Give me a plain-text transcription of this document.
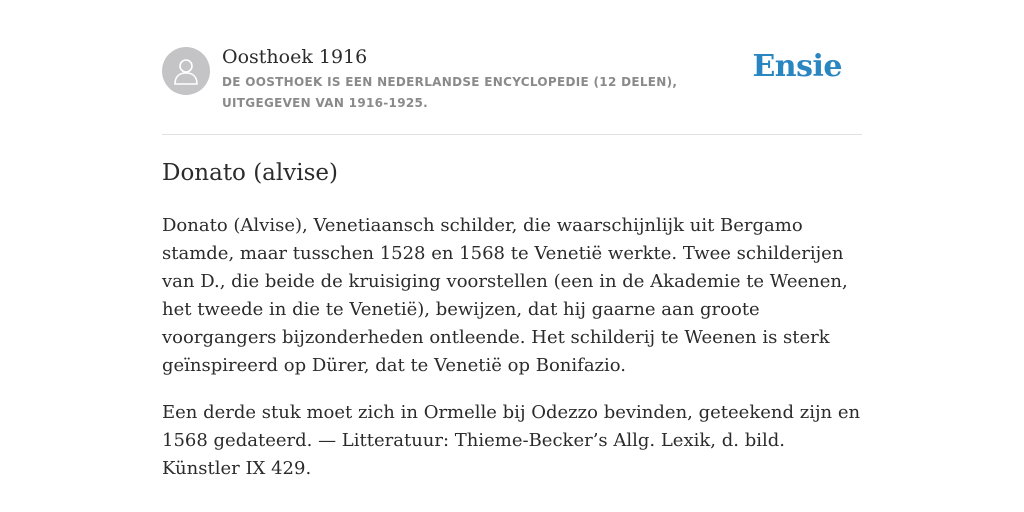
Oosthoek 1916
DE OOSTHOEK IS EEN NEDERLANDSE ENCYCLOPEDIE (12 DELEN), UITGEGEVEN VAN 1916-1925.
Ensie
Donato (alvise)

Donato (Alvise), Venetiaansch schilder, die waarschijnlijk uit Bergamo stamde, maar tusschen 1528 en 1568 te Venetië werkte. Twee schilderijen van D., die beide de kruisiging voorstellen (een in de Akademie te Weenen, het tweede in die te Venetië), bewijzen, dat hij gaarne aan groote voorgangers bijzonderheden ontleende. Het schilderij te Weenen is sterk geïnspireerd op Dürer, dat te Venetië op Bonifazio.

Een derde stuk moet zich in Ormelle bij Odezzo bevinden, geteekend zijn en 1568 gedateerd. — Litteratuur: Thieme-Becker’s Allg. Lexik, d. bild. Künstler IX 429.
